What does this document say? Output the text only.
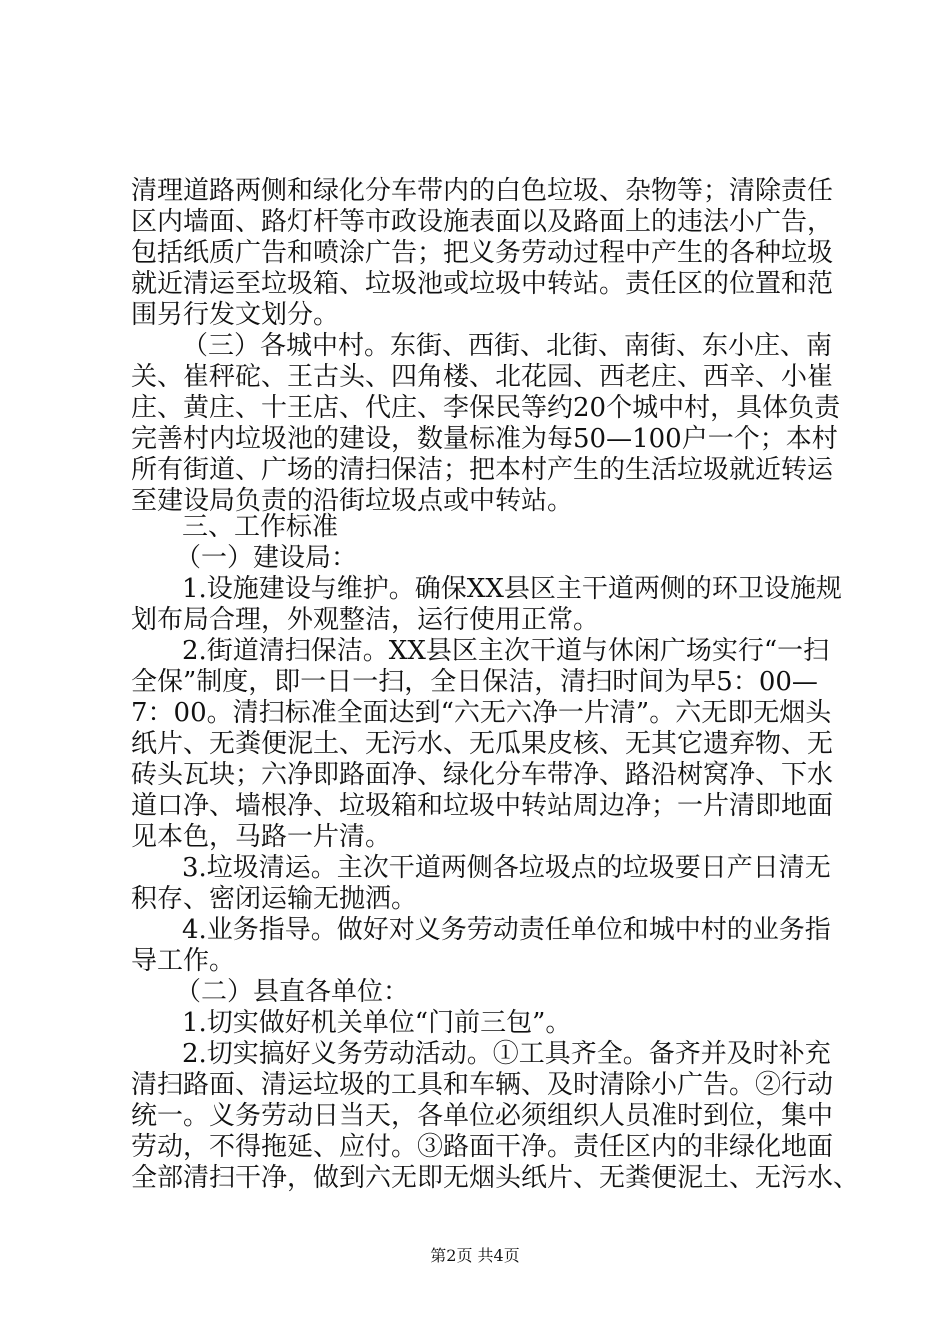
清理道路两侧和绿化分车带内的白色垃圾、杂物等；清除责任
区内墙面、路灯杆等市政设施表面以及路面上的违法小广告，
包括纸质广告和喷涂广告；把义务劳动过程中产生的各种垃圾
就近清运至垃圾箱、垃圾池或垃圾中转站。责任区的位置和范
围另行发文划分。
（三）各城中村。东街、西街、北街、南街、东小庄、南
关、崔秤砣、王古头、四角楼、北花园、西老庄、西辛、小崔
庄、黄庄、十王店、代庄、李保民等约20个城中村，具体负责
完善村内垃圾池的建设，数量标准为每50—100户一个；本村
所有街道、广场的清扫保洁；把本村产生的生活垃圾就近转运
至建设局负责的沿街垃圾点或中转站。
三、工作标准
（一）建设局：
1.设施建设与维护。确保XX县区主干道两侧的环卫设施规
划布局合理，外观整洁，运行使用正常。
2.街道清扫保洁。XX县区主次干道与休闲广场实行“一扫
全保”制度，即一日一扫，全日保洁，清扫时间为早5：00—
7：00。清扫标准全面达到“六无六净一片清”。六无即无烟头
纸片、无粪便泥土、无污水、无瓜果皮核、无其它遗弃物、无
砖头瓦块；六净即路面净、绿化分车带净、路沿树窝净、下水
道口净、墙根净、垃圾箱和垃圾中转站周边净；一片清即地面
见本色，马路一片清。
3.垃圾清运。主次干道两侧各垃圾点的垃圾要日产日清无
积存、密闭运输无抛洒。
4.业务指导。做好对义务劳动责任单位和城中村的业务指
导工作。
（二）县直各单位：
1.切实做好机关单位“门前三包”。
2.切实搞好义务劳动活动。①工具齐全。备齐并及时补充
清扫路面、清运垃圾的工具和车辆、及时清除小广告。②行动
统一。义务劳动日当天，各单位必须组织人员准时到位，集中
劳动，不得拖延、应付。③路面干净。责任区内的非绿化地面
全部清扫干净，做到六无即无烟头纸片、无粪便泥土、无污水、
第2页 共4页
